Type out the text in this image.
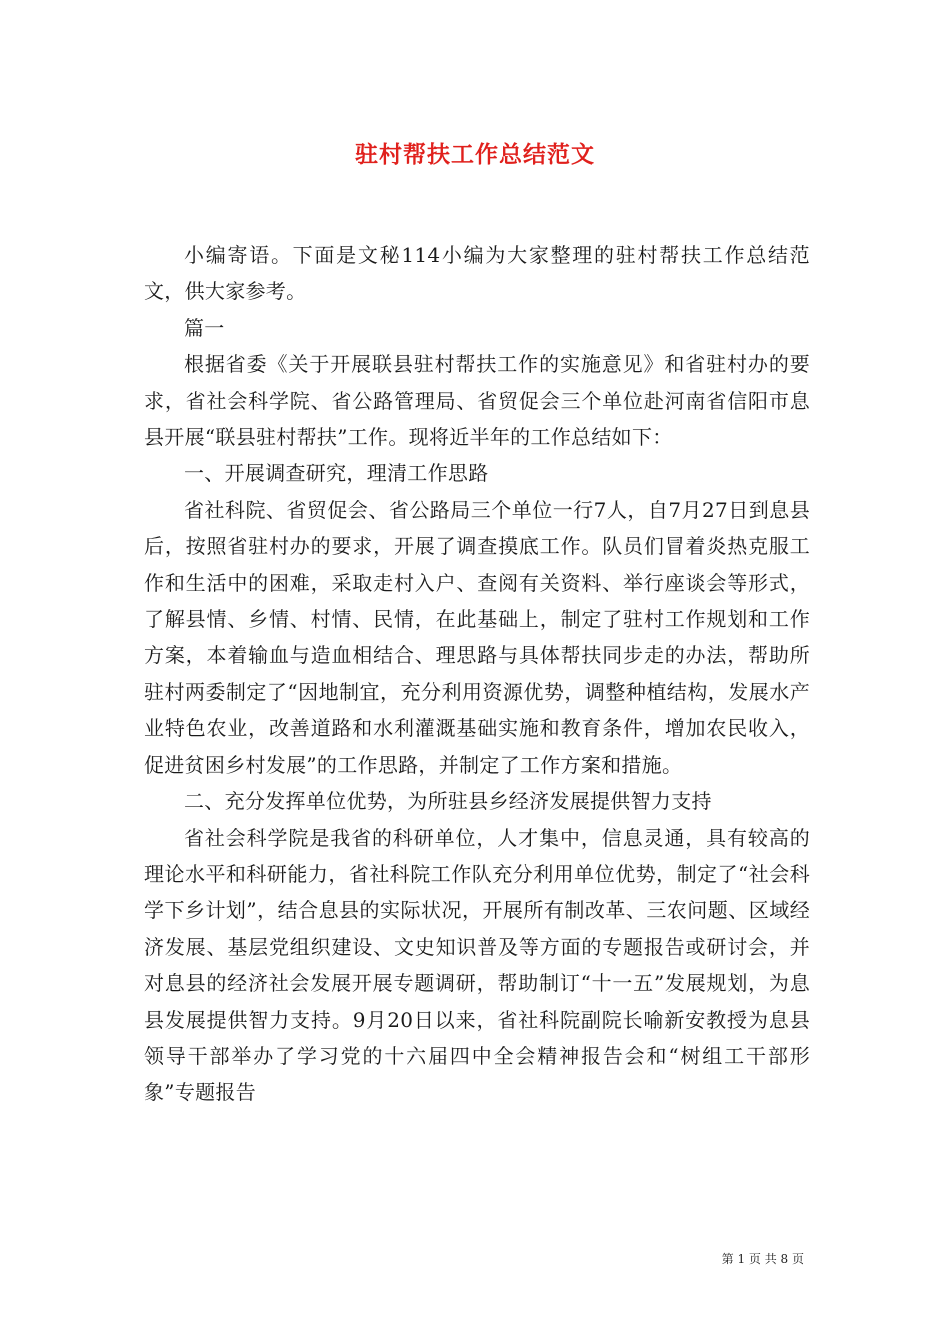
驻村帮扶工作总结范文

小编寄语。下面是文秘114小编为大家整理的驻村帮扶工作总结范文，供大家参考。

篇一

根据省委《关于开展联县驻村帮扶工作的实施意见》和省驻村办的要求，省社会科学院、省公路管理局、省贸促会三个单位赴河南省信阳市息县开展“联县驻村帮扶”工作。现将近半年的工作总结如下：

一、开展调查研究，理清工作思路

省社科院、省贸促会、省公路局三个单位一行7人，自7月27日到息县后，按照省驻村办的要求，开展了调查摸底工作。队员们冒着炎热克服工作和生活中的困难，采取走村入户、查阅有关资料、举行座谈会等形式，了解县情、乡情、村情、民情，在此基础上，制定了驻村工作规划和工作方案，本着输血与造血相结合、理思路与具体帮扶同步走的办法，帮助所驻村两委制定了“因地制宜，充分利用资源优势，调整种植结构，发展水产业特色农业，改善道路和水利灌溉基础实施和教育条件，增加农民收入，促进贫困乡村发展”的工作思路，并制定了工作方案和措施。

二、充分发挥单位优势，为所驻县乡经济发展提供智力支持

省社会科学院是我省的科研单位，人才集中，信息灵通，具有较高的理论水平和科研能力，省社科院工作队充分利用单位优势，制定了“社会科学下乡计划”，结合息县的实际状况，开展所有制改革、三农问题、区域经济发展、基层党组织建设、文史知识普及等方面的专题报告或研讨会，并对息县的经济社会发展开展专题调研，帮助制订“十一五”发展规划，为息县发展提供智力支持。9月20日以来，省社科院副院长喻新安教授为息县领导干部举办了学习党的十六届四中全会精神报告会和“树组工干部形象”专题报告

第 1 页 共 8 页
